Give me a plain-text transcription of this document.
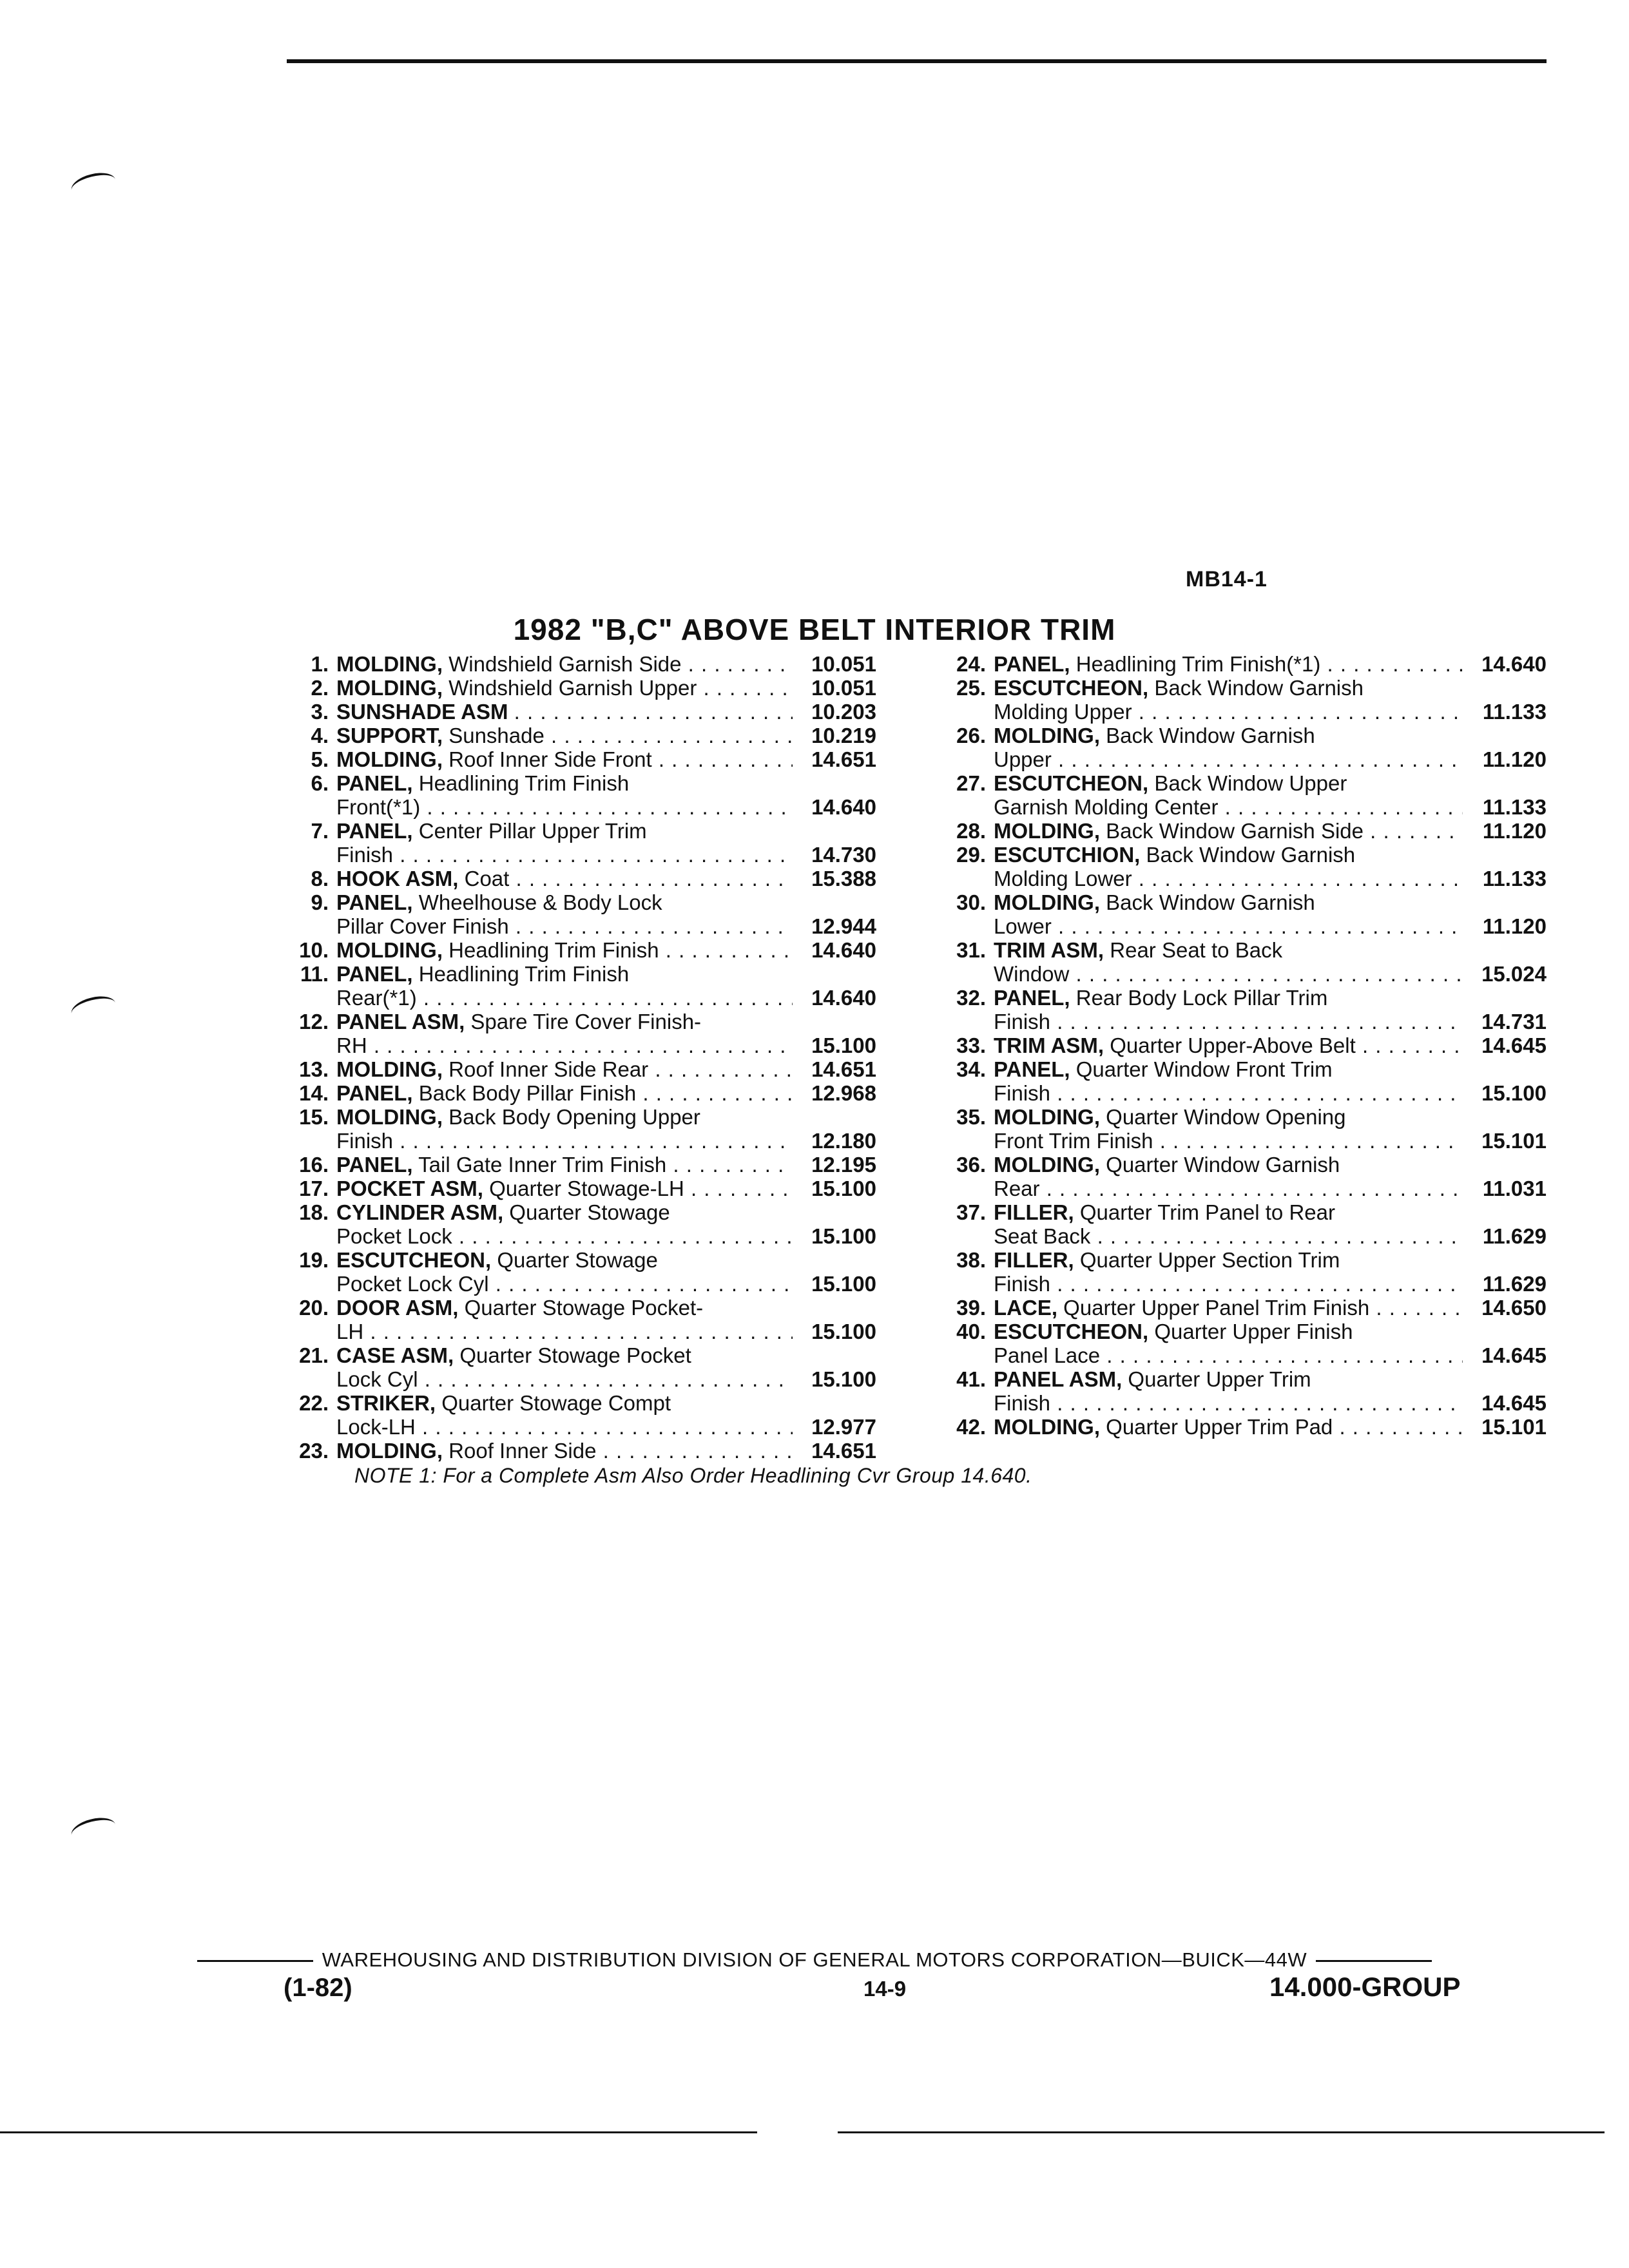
MB14-1
1982 "B,C" ABOVE BELT INTERIOR TRIM
1. MOLDING, Windshield Garnish Side . . .	10.051
2. MOLDING, Windshield Garnish Upper . . .	10.051
3. SUNSHADE ASM . . .	10.203
4. SUPPORT, Sunshade . . .	10.219
5. MOLDING, Roof Inner Side Front . . .	14.651
6. PANEL, Headlining Trim Finish
Front(*1) . . .	14.640
7. PANEL, Center Pillar Upper Trim
Finish . . .	14.730
8. HOOK ASM, Coat . . .	15.388
9. PANEL, Wheelhouse & Body Lock
Pillar Cover Finish . . .	12.944
10. MOLDING, Headlining Trim Finish . . .	14.640
11. PANEL, Headlining Trim Finish
Rear(*1) . . .	14.640
12. PANEL ASM, Spare Tire Cover Finish-
RH . . .	15.100
13. MOLDING, Roof Inner Side Rear . . .	14.651
14. PANEL, Back Body Pillar Finish . . .	12.968
15. MOLDING, Back Body Opening Upper
Finish . . .	12.180
16. PANEL, Tail Gate Inner Trim Finish . . .	12.195
17. POCKET ASM, Quarter Stowage-LH . . .	15.100
18. CYLINDER ASM, Quarter Stowage
Pocket Lock . . .	15.100
19. ESCUTCHEON, Quarter Stowage
Pocket Lock Cyl . . .	15.100
20. DOOR ASM, Quarter Stowage Pocket-
LH . . .	15.100
21. CASE ASM, Quarter Stowage Pocket
Lock Cyl . . .	15.100
22. STRIKER, Quarter Stowage Compt
Lock-LH . . .	12.977
23. MOLDING, Roof Inner Side . . .	14.651
24. PANEL, Headlining Trim Finish(*1) . . .	14.640
25. ESCUTCHEON, Back Window Garnish
Molding Upper . . .	11.133
26. MOLDING, Back Window Garnish
Upper . . .	11.120
27. ESCUTCHEON, Back Window Upper
Garnish Molding Center . . .	11.133
28. MOLDING, Back Window Garnish Side . . .	11.120
29. ESCUTCHION, Back Window Garnish
Molding Lower . . .	11.133
30. MOLDING, Back Window Garnish
Lower . . .	11.120
31. TRIM ASM, Rear Seat to Back
Window . . .	15.024
32. PANEL, Rear Body Lock Pillar Trim
Finish . . .	14.731
33. TRIM ASM, Quarter Upper-Above Belt . . .	14.645
34. PANEL, Quarter Window Front Trim
Finish . . .	15.100
35. MOLDING, Quarter Window Opening
Front Trim Finish . . .	15.101
36. MOLDING, Quarter Window Garnish
Rear . . .	11.031
37. FILLER, Quarter Trim Panel to Rear
Seat Back . . .	11.629
38. FILLER, Quarter Upper Section Trim
Finish . . .	11.629
39. LACE, Quarter Upper Panel Trim Finish . . .	14.650
40. ESCUTCHEON, Quarter Upper Finish
Panel Lace . . .	14.645
41. PANEL ASM, Quarter Upper Trim
Finish . . .	14.645
42. MOLDING, Quarter Upper Trim Pad . . .	15.101
NOTE 1: For a Complete Asm Also Order Headlining Cvr Group 14.640.
WAREHOUSING AND DISTRIBUTION DIVISION OF GENERAL MOTORS CORPORATION—BUICK—44W
(1-82)	14-9	14.000-GROUP
